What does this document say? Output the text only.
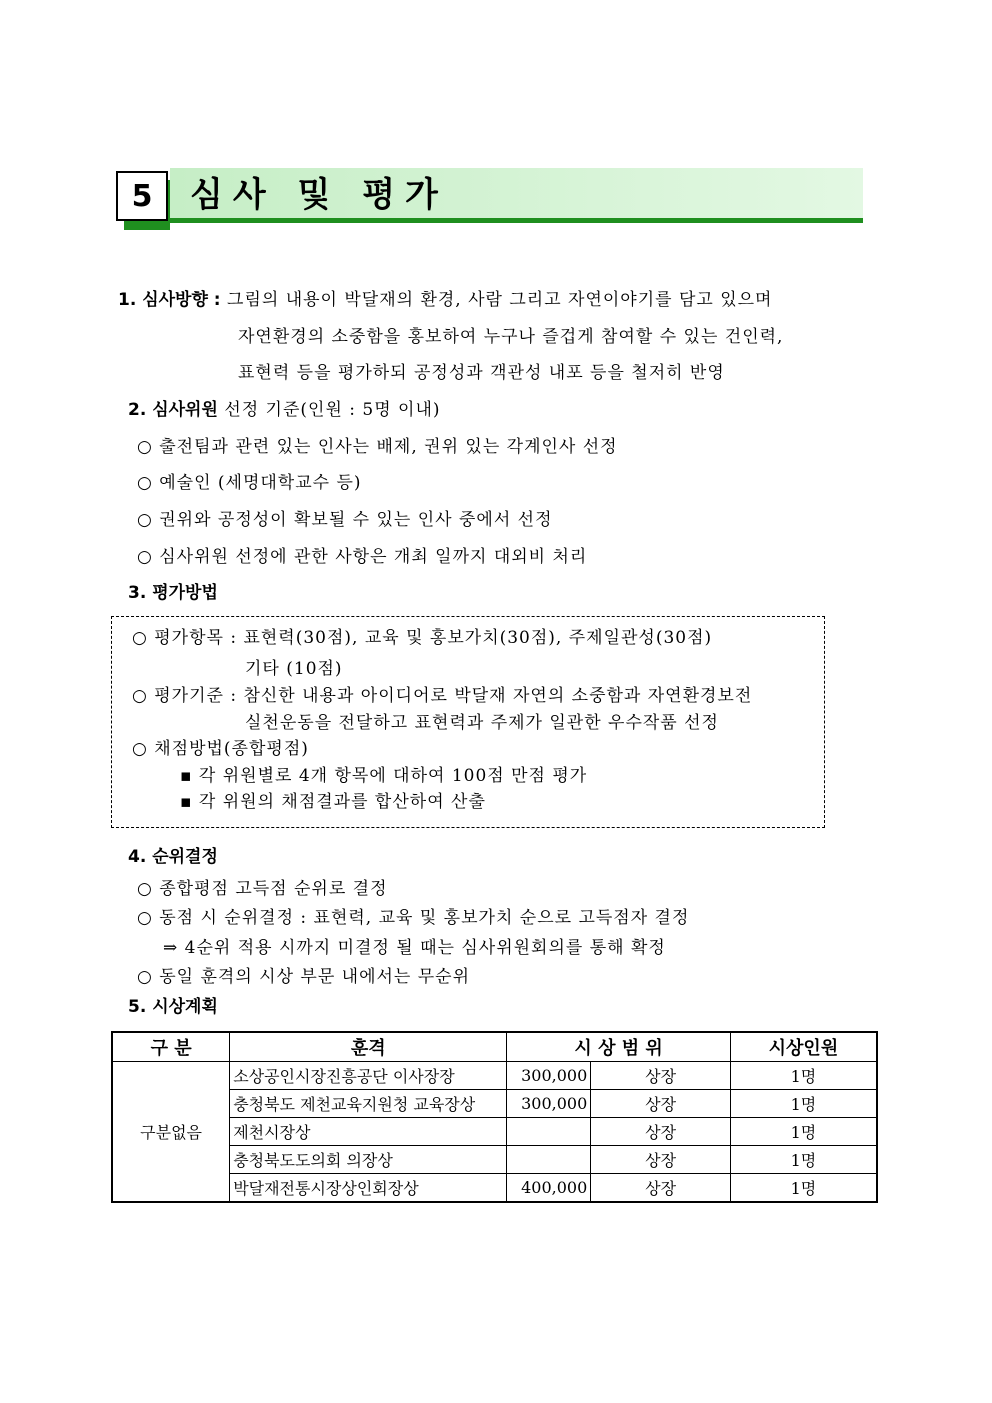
5	심사 및 평가
1. 심사방향 : 그림의 내용이 박달재의 환경, 사람 그리고 자연이야기를 담고 있으며
자연환경의 소중함을 홍보하여 누구나 즐겁게 참여할 수 있는 건인력,
표현력 등을 평가하되 공정성과 객관성 내포 등을 철저히 반영
2. 심사위원 선정 기준(인원 : 5명 이내)
○ 출전팀과 관련 있는 인사는 배제, 권위 있는 각계인사 선정
○ 예술인 (세명대학교수 등)
○ 권위와 공정성이 확보될 수 있는 인사 중에서 선정
○ 심사위원 선정에 관한 사항은 개최 일까지 대외비 처리
3. 평가방법
○ 평가항목 : 표현력(30점), 교육 및 홍보가치(30점), 주제일관성(30점)
기타 (10점)
○ 평가기준 : 참신한 내용과 아이디어로 박달재 자연의 소중함과 자연환경보전
실천운동을 전달하고 표현력과 주제가 일관한 우수작품 선정
○ 채점방법(종합평점)
▪ 각 위원별로 4개 항목에 대하여 100점 만점 평가
▪ 각 위원의 채점결과를 합산하여 산출
4. 순위결정
○ 종합평점 고득점 순위로 결정
○ 동점 시 순위결정 : 표현력, 교육 및 홍보가치 순으로 고득점자 결정
⇒ 4순위 적용 시까지 미결정 될 때는 심사위원회의를 통해 확정
○ 동일 훈격의 시상 부문 내에서는 무순위
5. 시상계획
구 분	훈격	시 상 범 위		시상인원
구분없음	소상공인시장진흥공단 이사장장	300,000	상장	1명
	충청북도 제천교육지원청 교육장상	300,000	상장	1명
	제천시장상		상장	1명
	충청북도도의회 의장상		상장	1명
	박달재전통시장상인회장상	400,000	상장	1명
